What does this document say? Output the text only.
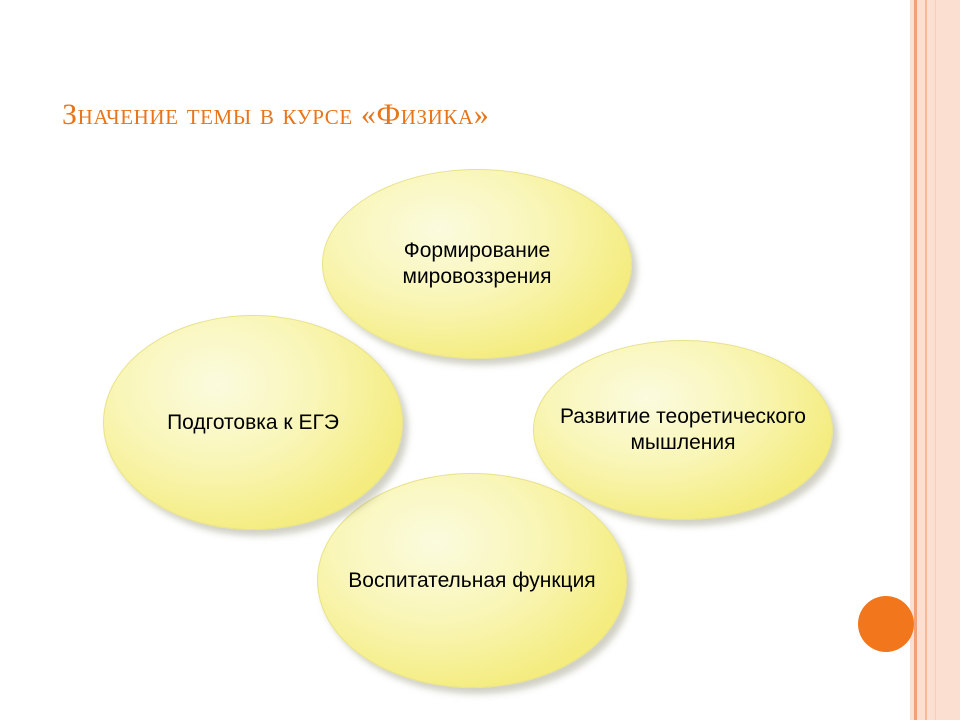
Значение темы в курсе «Физика»
Формирование мировоззрения
Развитие теоретического мышления
Воспитательная функция
Подготовка к ЕГЭ
